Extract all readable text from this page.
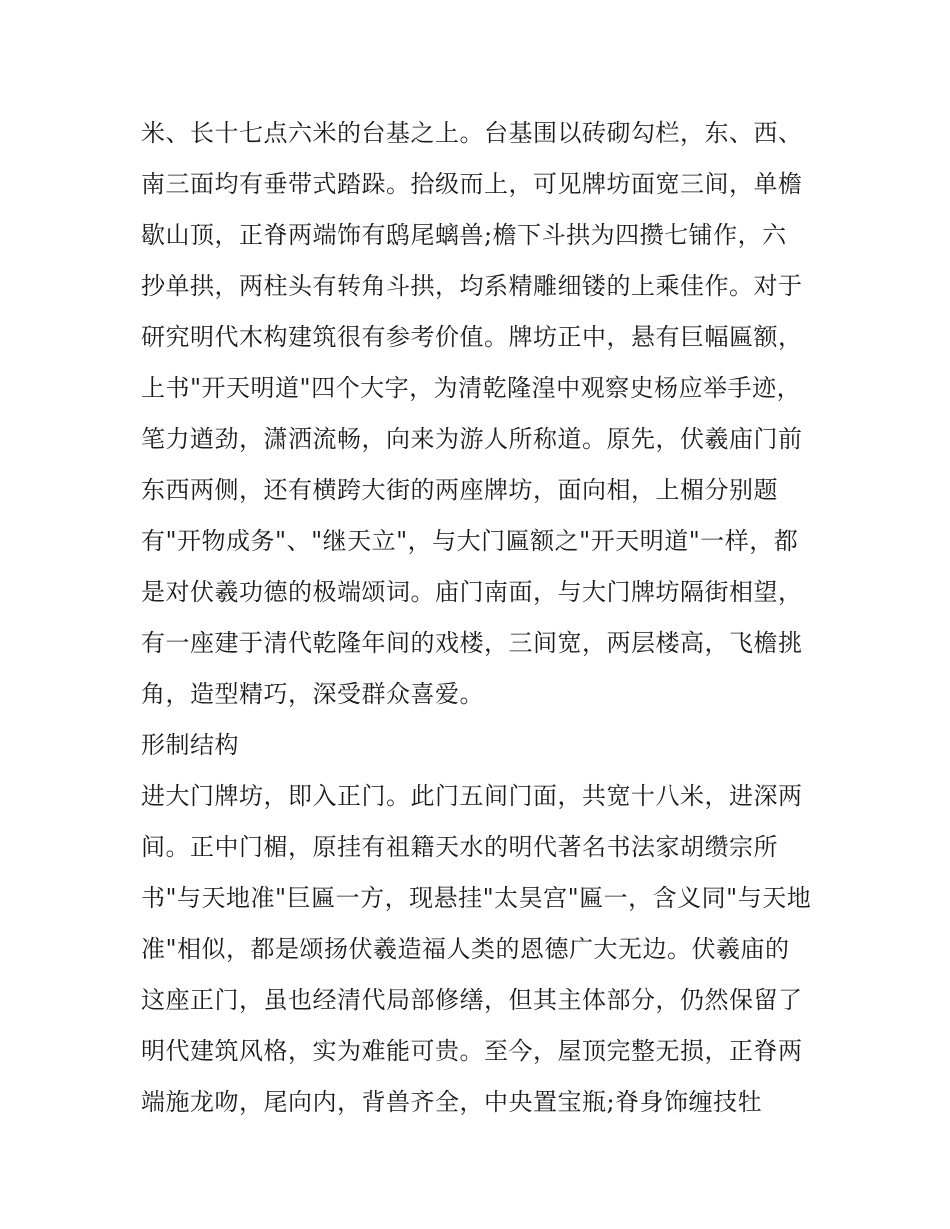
米、长十七点六米的台基之上。台基围以砖砌勾栏，东、西、
南三面均有垂带式踏跺。拾级而上，可见牌坊面宽三间，单檐
歇山顶，正脊两端饰有鸱尾螭兽;檐下斗拱为四攒七铺作，六
抄单拱，两柱头有转角斗拱，均系精雕细镂的上乘佳作。对于
研究明代木构建筑很有参考价值。牌坊正中，悬有巨幅匾额，
上书"开天明道"四个大字，为清乾隆湟中观察史杨应举手迹，
笔力遒劲，潇洒流畅，向来为游人所称道。原先，伏羲庙门前
东西两侧，还有横跨大街的两座牌坊，面向相，上楣分别题
有"开物成务"、"继天立"，与大门匾额之"开天明道"一样，都
是对伏羲功德的极端颂词。庙门南面，与大门牌坊隔街相望，
有一座建于清代乾隆年间的戏楼，三间宽，两层楼高，飞檐挑
角，造型精巧，深受群众喜爱。
形制结构
进大门牌坊，即入正门。此门五间门面，共宽十八米，进深两
间。正中门楣，原挂有祖籍天水的明代著名书法家胡缵宗所
书"与天地准"巨匾一方，现悬挂"太昊宫"匾一，含义同"与天地
准"相似，都是颂扬伏羲造福人类的恩德广大无边。伏羲庙的
这座正门，虽也经清代局部修缮，但其主体部分，仍然保留了
明代建筑风格，实为难能可贵。至今，屋顶完整无损，正脊两
端施龙吻，尾向内，背兽齐全，中央置宝瓶;脊身饰缠技牡
